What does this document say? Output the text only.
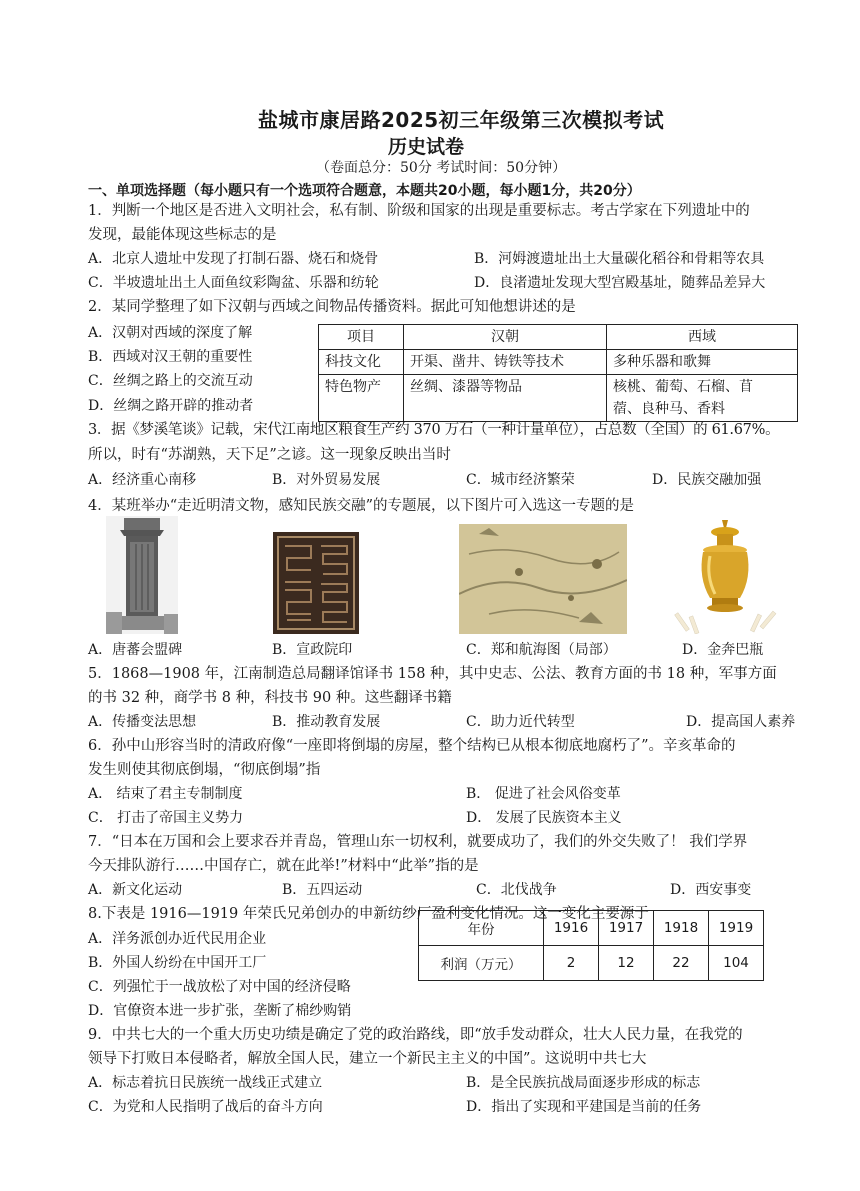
盐城市康居路2025初三年级第三次模拟考试
历史试卷
（卷面总分：50分 考试时间：50分钟）
一、单项选择题（每小题只有一个选项符合题意，本题共20小题，每小题1分，共20分）
1．判断一个地区是否进入文明社会，私有制、阶级和国家的出现是重要标志。考古学家在下列遗址中的
发现，最能体现这些标志的是
A．北京人遗址中发现了打制石器、烧石和烧骨	B．河姆渡遗址出土大量碳化稻谷和骨耜等农具
C．半坡遗址出土人面鱼纹彩陶盆、乐器和纺轮	D．良渚遗址发现大型宫殿基址，随葬品差异大
2．某同学整理了如下汉朝与西域之间物品传播资料。据此可知他想讲述的是
A．汉朝对西域的深度了解
B．西域对汉王朝的重要性
C．丝绸之路上的交流互动
D．丝绸之路开辟的推动者
项目	汉朝	西域
科技文化	开渠、凿井、铸铁等技术	多种乐器和歌舞
特色物产	丝绸、漆器等物品	核桃、葡萄、石榴、苜
蓿、良种马、香料
3．据《梦溪笔谈》记载，宋代江南地区粮食生产约 370 万石（一种计量单位），占总数（全国）的 61.67%。
所以，时有“苏湖熟，天下足”之谚。这一现象反映出当时
A．经济重心南移	B．对外贸易发展	C．城市经济繁荣	D．民族交融加强
4．某班举办“走近明清文物，感知民族交融”的专题展，以下图片可入选这一专题的是
A．唐蕃会盟碑	B．宣政院印	C．郑和航海图（局部）	D．金奔巴瓶
5．1868—1908 年，江南制造总局翻译馆译书 158 种，其中史志、公法、教育方面的书 18 种，军事方面
的书 32 种，商学书 8 种，科技书 90 种。这些翻译书籍
A．传播变法思想	B．推动教育发展	C．助力近代转型	D．提高国人素养
6．孙中山形容当时的清政府像“一座即将倒塌的房屋，整个结构已从根本彻底地腐朽了”。辛亥革命的
发生则使其彻底倒塌，“彻底倒塌”指
A． 结束了君主专制制度	B． 促进了社会风俗变革
C． 打击了帝国主义势力	D． 发展了民族资本主义
7．“日本在万国和会上要求吞并青岛，管理山东一切权利，就要成功了，我们的外交失败了！ 我们学界
今天排队游行……中国存亡，就在此举!”材料中“此举”指的是
A．新文化运动	B．五四运动	C．北伐战争	D．西安事变
8.下表是 1916—1919 年荣氏兄弟创办的申新纺纱厂盈利变化情况。这一变化主要源于
A．洋务派创办近代民用企业
B．外国人纷纷在中国开工厂
C．列强忙于一战放松了对中国的经济侵略
D．官僚资本进一步扩张，垄断了棉纱购销
年份	1916	1917	1918	1919
利润（万元）	2	12	22	104
9．中共七大的一个重大历史功绩是确定了党的政治路线，即“放手发动群众，壮大人民力量，在我党的
领导下打败日本侵略者，解放全国人民，建立一个新民主主义的中国”。这说明中共七大
A．标志着抗日民族统一战线正式建立	B．是全民族抗战局面逐步形成的标志
C．为党和人民指明了战后的奋斗方向	D．指出了实现和平建国是当前的任务
